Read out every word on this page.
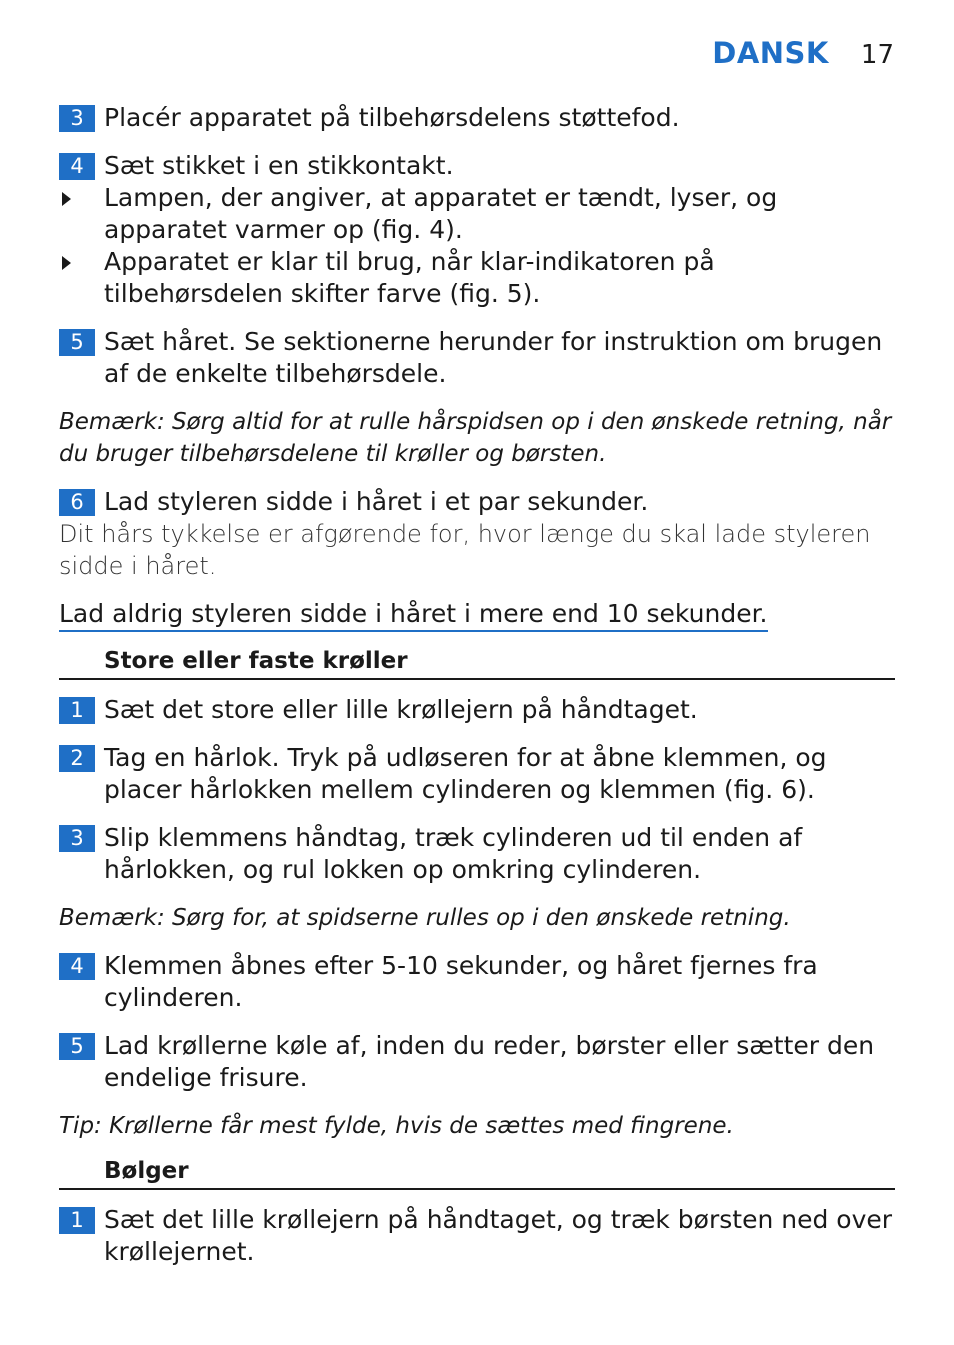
DANSK 17
3 Placér apparatet på tilbehørsdelens støttefod.
4 Sæt stikket i en stikkontakt.
Lampen, der angiver, at apparatet er tændt, lyser, og apparatet varmer op (fig. 4).
Apparatet er klar til brug, når klar-indikatoren på tilbehørsdelen skifter farve (fig. 5).
5 Sæt håret. Se sektionerne herunder for instruktion om brugen af de enkelte tilbehørsdele.
Bemærk: Sørg altid for at rulle hårspidsen op i den ønskede retning, når du bruger tilbehørsdelene til krøller og børsten.
6 Lad styleren sidde i håret i et par sekunder.
Dit hårs tykkelse er afgørende for, hvor længe du skal lade styleren sidde i håret.
Lad aldrig styleren sidde i håret i mere end 10 sekunder.
Store eller faste krøller
1 Sæt det store eller lille krøllejern på håndtaget.
2 Tag en hårlok. Tryk på udløseren for at åbne klemmen, og placer hårlokken mellem cylinderen og klemmen (fig. 6).
3 Slip klemmens håndtag, træk cylinderen ud til enden af hårlokken, og rul lokken op omkring cylinderen.
Bemærk: Sørg for, at spidserne rulles op i den ønskede retning.
4 Klemmen åbnes efter 5-10 sekunder, og håret fjernes fra cylinderen.
5 Lad krøllerne køle af, inden du reder, børster eller sætter den endelige frisure.
Tip: Krøllerne får mest fylde, hvis de sættes med fingrene.
Bølger
1 Sæt det lille krøllejern på håndtaget, og træk børsten ned over krøllejernet.
